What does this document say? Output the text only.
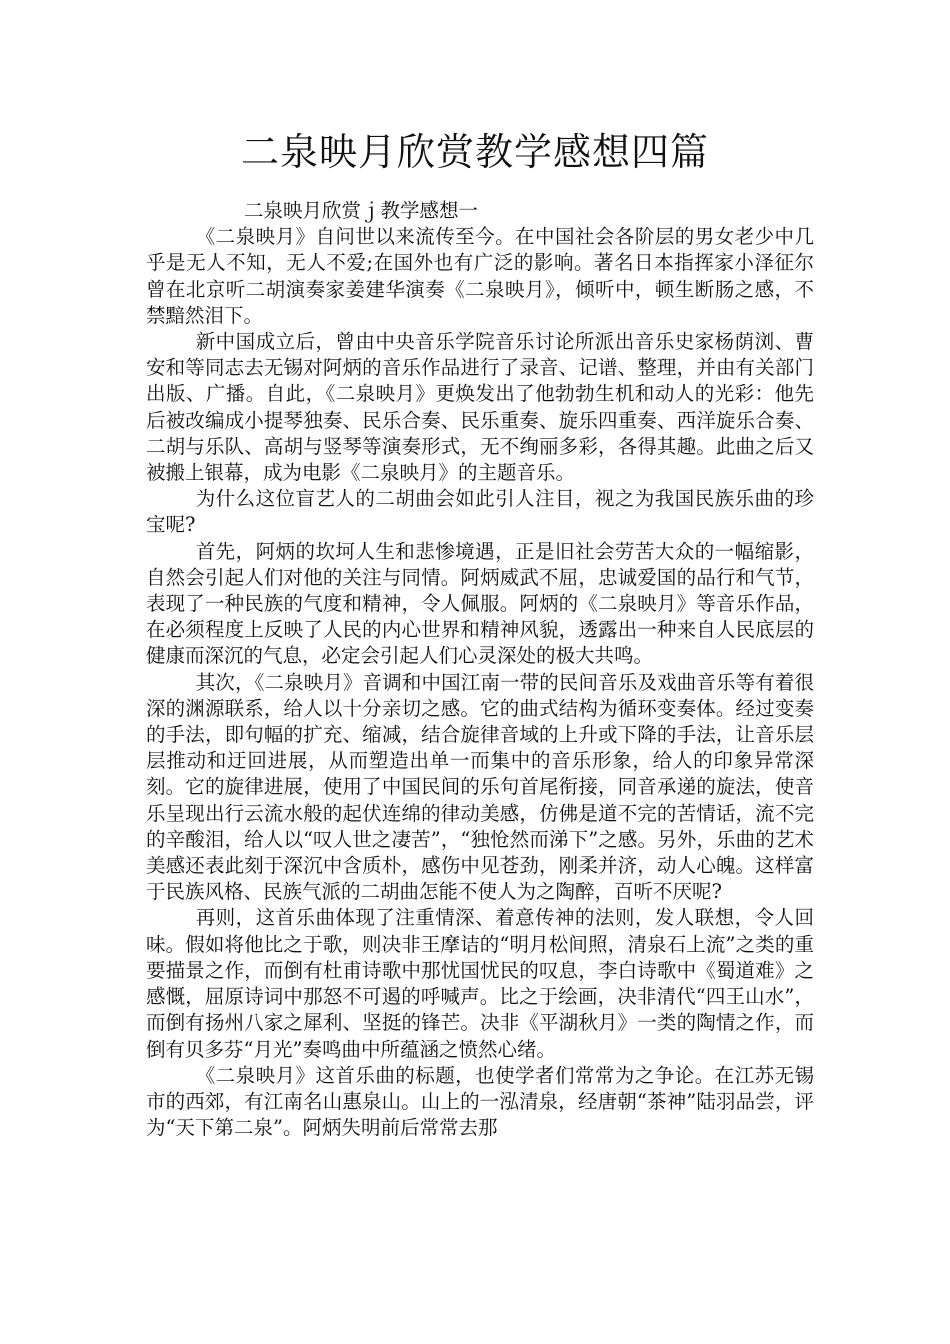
二泉映月欣赏教学感想四篇

二泉映月欣赏ｊ教学感想一

《二泉映月》自问世以来流传至今。在中国社会各阶层的男女老少中几乎是无人不知，无人不爱;在国外也有广泛的影响。著名日本指挥家小泽征尔曾在北京听二胡演奏家姜建华演奏《二泉映月》，倾听中，顿生断肠之感，不禁黯然泪下。

新中国成立后，曾由中央音乐学院音乐讨论所派出音乐史家杨荫浏、曹安和等同志去无锡对阿炳的音乐作品进行了录音、记谱、整理，并由有关部门出版、广播。自此，《二泉映月》更焕发出了他勃勃生机和动人的光彩：他先后被改编成小提琴独奏、民乐合奏、民乐重奏、旋乐四重奏、西洋旋乐合奏、二胡与乐队、高胡与竖琴等演奏形式，无不绚丽多彩，各得其趣。此曲之后又被搬上银幕，成为电影《二泉映月》的主题音乐。

为什么这位盲艺人的二胡曲会如此引人注目，视之为我国民族乐曲的珍宝呢?

首先，阿炳的坎坷人生和悲惨境遇，正是旧社会劳苦大众的一幅缩影，自然会引起人们对他的关注与同情。阿炳威武不屈，忠诚爱国的品行和气节，表现了一种民族的气度和精神，令人佩服。阿炳的《二泉映月》等音乐作品，在必须程度上反映了人民的内心世界和精神风貌，透露出一种来自人民底层的健康而深沉的气息，必定会引起人们心灵深处的极大共鸣。

其次，《二泉映月》音调和中国江南一带的民间音乐及戏曲音乐等有着很深的渊源联系，给人以十分亲切之感。它的曲式结构为循环变奏体。经过变奏的手法，即句幅的扩充、缩减，结合旋律音域的上升或下降的手法，让音乐层层推动和迂回进展，从而塑造出单一而集中的音乐形象，给人的印象异常深刻。它的旋律进展，使用了中国民间的乐句首尾衔接，同音承递的旋法，使音乐呈现出行云流水般的起伏连绵的律动美感，仿佛是道不完的苦情话，流不完的辛酸泪，给人以“叹人世之凄苦”，“独怆然而涕下”之感。另外，乐曲的艺术美感还表此刻于深沉中含质朴，感伤中见苍劲，刚柔并济，动人心魄。这样富于民族风格、民族气派的二胡曲怎能不使人为之陶醉，百听不厌呢?

再则，这首乐曲体现了注重情深、着意传神的法则，发人联想，令人回味。假如将他比之于歌，则决非王摩诘的“明月松间照，清泉石上流”之类的重要描景之作，而倒有杜甫诗歌中那忧国忧民的叹息，李白诗歌中《蜀道难》之感慨，屈原诗词中那怒不可遏的呼喊声。比之于绘画，决非清代“四王山水”，而倒有扬州八家之犀利、坚挺的锋芒。决非《平湖秋月》一类的陶情之作，而倒有贝多芬“月光”奏鸣曲中所蕴涵之愤然心绪。

《二泉映月》这首乐曲的标题，也使学者们常常为之争论。在江苏无锡市的西郊，有江南名山惠泉山。山上的一泓清泉，经唐朝“茶神”陆羽品尝，评为“天下第二泉”。阿炳失明前后常常去那
